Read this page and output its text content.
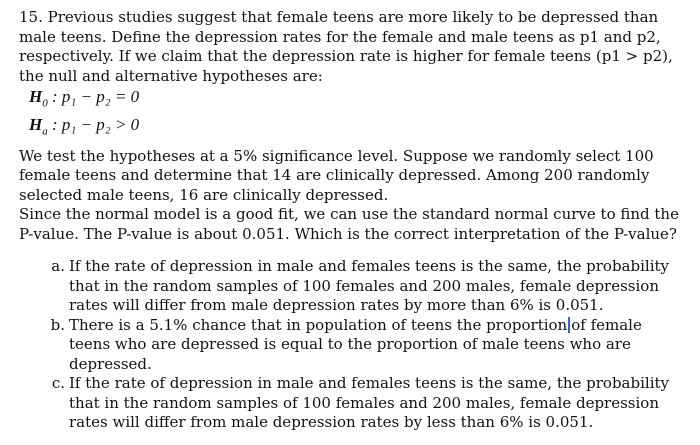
15. Previous studies suggest that female teens are more likely to be depressed than male teens. Define the depression rates for the female and male teens as p1 and p2, respectively. If we claim that the depression rate is higher for female teens (p1 > p2), the null and alternative hypotheses are:

$H_0$ : p₁ − p₂ = 0
$H_a$ : p₁ − p₂ > 0

We test the hypotheses at a 5% significance level. Suppose we randomly select 100 female teens and determine that 14 are clinically depressed. Among 200 randomly selected male teens, 16 are clinically depressed.

Since the normal model is a good fit, we can use the standard normal curve to find the P-value. The P-value is about 0.051. Which is the correct interpretation of the P-value?

a. If the rate of depression in male and females teens is the same, the probability that in the random samples of 100 females and 200 males, female depression rates will differ from male depression rates by more than 6% is 0.051.
b. There is a 5.1% chance that in population of teens the proportion of female teens who are depressed is equal to the proportion of male teens who are depressed.
c. If the rate of depression in male and females teens is the same, the probability that in the random samples of 100 females and 200 males, female depression rates will differ from male depression rates by less than 6% is 0.051.
